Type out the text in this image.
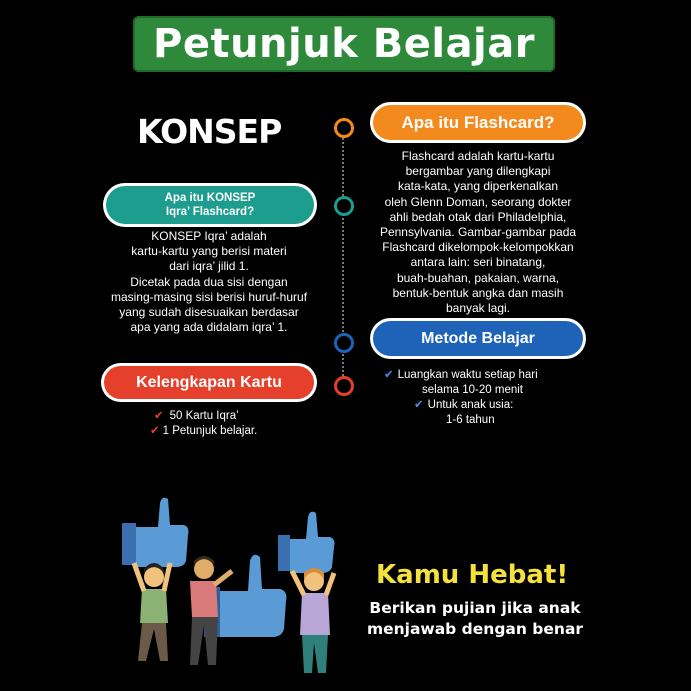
Petunjuk Belajar
KONSEP	Apa itu Flashcard?
Flashcard adalah kartu-kartu
bergambar yang dilengkapi
kata-kata, yang diperkenalkan
oleh Glenn Doman, seorang dokter
ahli bedah otak dari Philadelphia,
Pennsylvania. Gambar-gambar pada
Flashcard dikelompok-kelompokkan
antara lain: seri binatang,
buah-buahan, pakaian, warna,
bentuk-bentuk angka dan masih
banyak lagi.
Apa itu KONSEP
Iqra’ Flashcard?
KONSEP Iqra’ adalah
kartu-kartu yang berisi materi
dari iqra’ jilid 1.
Dicetak pada dua sisi dengan
masing-masing sisi berisi huruf-huruf
yang sudah disesuaikan berdasar
apa yang ada didalam iqra’ 1.
Metode Belajar
✔ Luangkan waktu setiap hari
selama 10-20 menit
✔ Untuk anak usia:
1-6 tahun
Kelengkapan Kartu
✔ 50 Kartu Iqra’
✔ 1 Petunjuk belajar.
Kamu Hebat!
Berikan pujian jika anak
menjawab dengan benar
